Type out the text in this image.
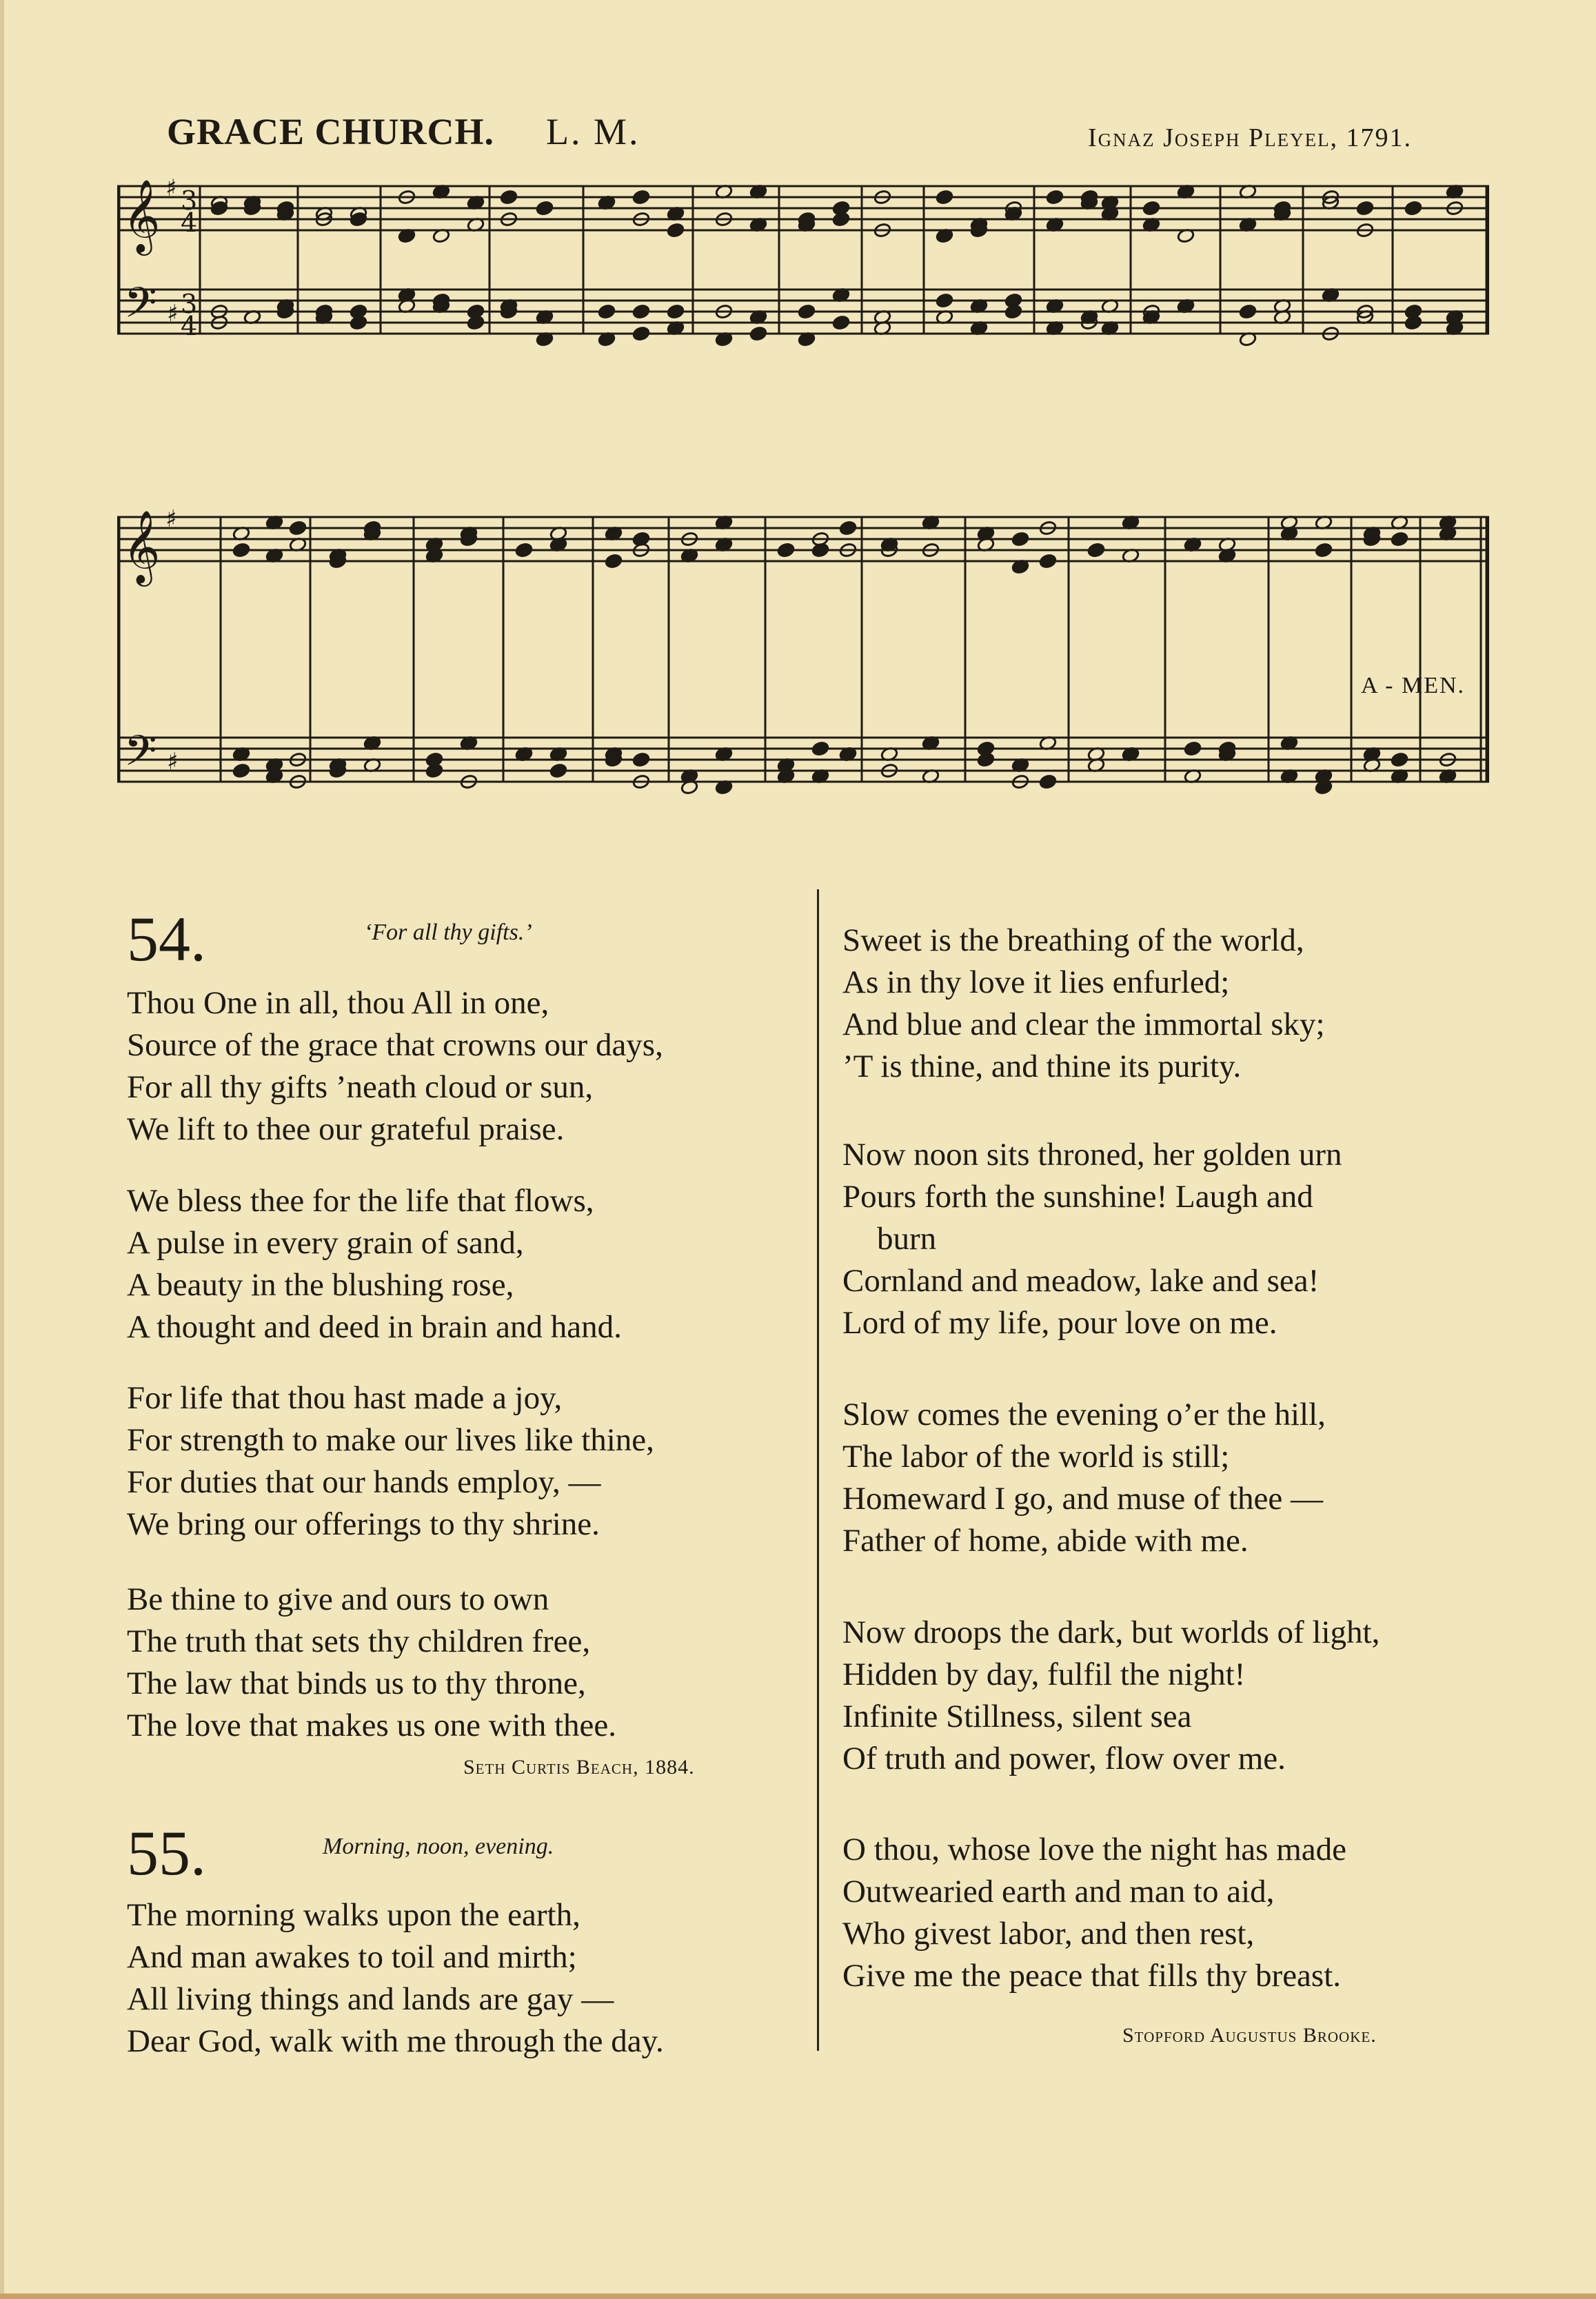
GRACE CHURCH. L. M.	Ignaz Joseph Pleyel, 1791.
𝄞
𝄞
𝄢
𝄢
♯
♯
♯
♯
3
4
3
4
A - MEN.
54.	‘For all thy gifts.’
Thou One in all, thou All in one,
Source of the grace that crowns our days,
For all thy gifts ’neath cloud or sun,
We lift to thee our grateful praise.
We bless thee for the life that flows,
A pulse in every grain of sand,
A beauty in the blushing rose,
A thought and deed in brain and hand.
For life that thou hast made a joy,
For strength to make our lives like thine,
For duties that our hands employ, —
We bring our offerings to thy shrine.
Be thine to give and ours to own
The truth that sets thy children free,
The law that binds us to thy throne,
The love that makes us one with thee.
Seth Curtis Beach, 1884.
55.	Morning, noon, evening.
The morning walks upon the earth,
And man awakes to toil and mirth;
All living things and lands are gay —
Dear God, walk with me through the day.
Sweet is the breathing of the world,
As in thy love it lies enfurled;
And blue and clear the immortal sky;
’T is thine, and thine its purity.
Now noon sits throned, her golden urn
Pours forth the sunshine! Laugh and
burn
Cornland and meadow, lake and sea!
Lord of my life, pour love on me.
Slow comes the evening o’er the hill,
The labor of the world is still;
Homeward I go, and muse of thee —
Father of home, abide with me.
Now droops the dark, but worlds of light,
Hidden by day, fulfil the night!
Infinite Stillness, silent sea
Of truth and power, flow over me.
O thou, whose love the night has made
Outwearied earth and man to aid,
Who givest labor, and then rest,
Give me the peace that fills thy breast.
Stopford Augustus Brooke.
